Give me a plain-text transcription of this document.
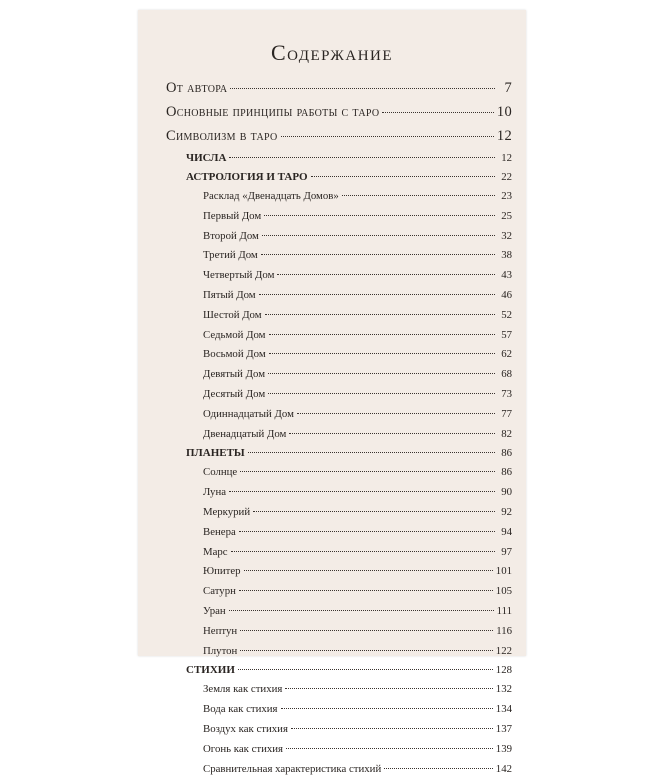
Содержание
От автора	7
Основные принципы работы с таро	10
Символизм в таро	12
ЧИСЛА	12
АСТРОЛОГИЯ И ТАРО	22
Расклад «Двенадцать Домов»	23
Первый Дом	25
Второй Дом	32
Третий Дом	38
Четвертый Дом	43
Пятый Дом	46
Шестой Дом	52
Седьмой Дом	57
Восьмой Дом	62
Девятый Дом	68
Десятый Дом	73
Одиннадцатый Дом	77
Двенадцатый Дом	82
ПЛАНЕТЫ	86
Солнце	86
Луна	90
Меркурий	92
Венера	94
Марс	97
Юпитер	101
Сатурн	105
Уран	111
Нептун	116
Плутон	122
СТИХИИ	128
Земля как стихия	132
Вода как стихия	134
Воздух как стихия	137
Огонь как стихия	139
Сравнительная характеристика стихий	142
